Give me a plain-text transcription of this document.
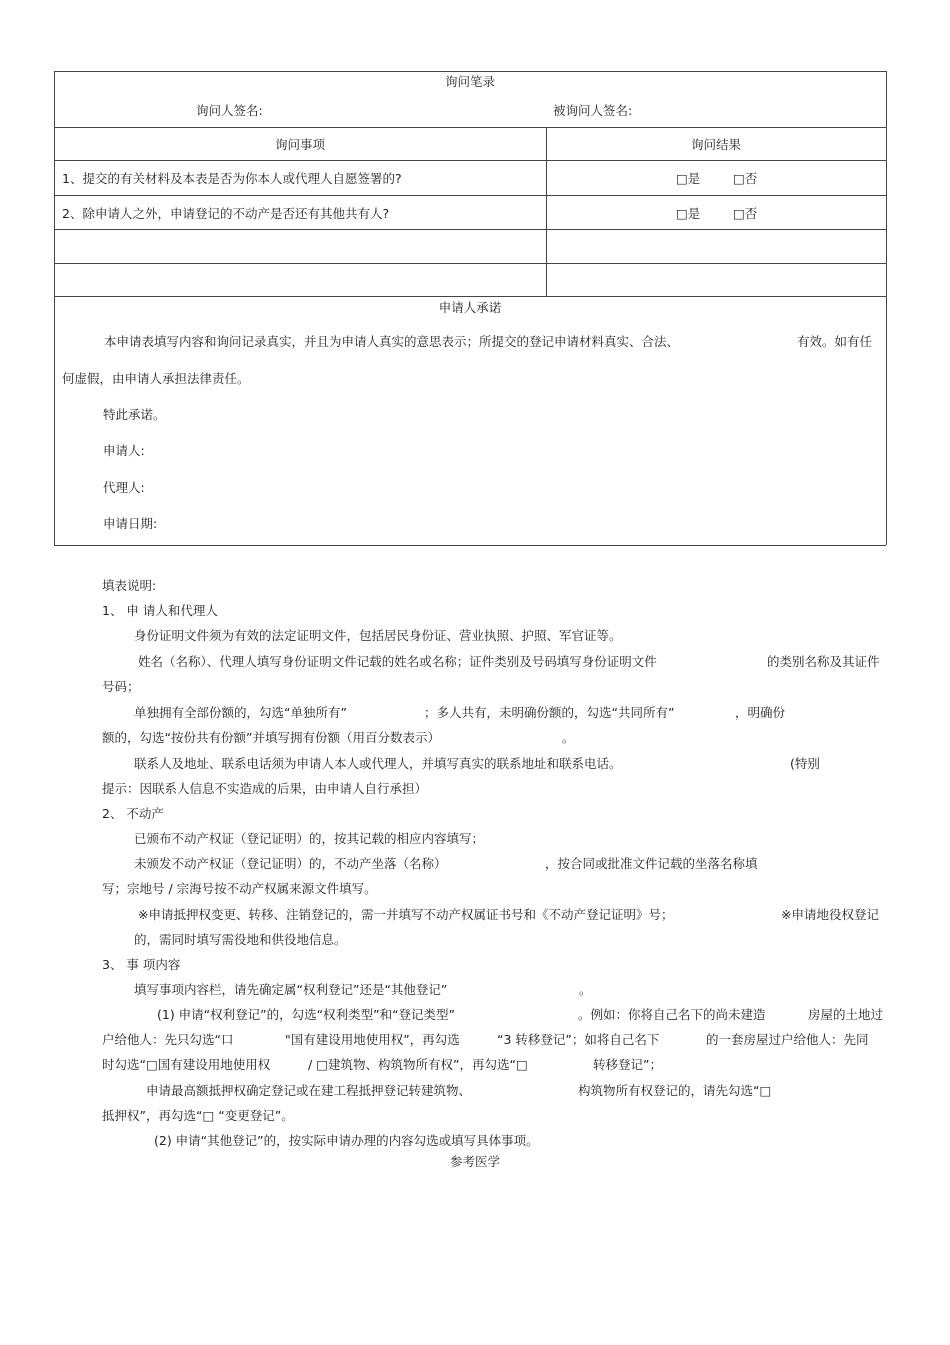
询问笔录
询问人签名:	被询问人签名:
询问事项	询问结果
1、提交的有关材料及本表是否为你本人或代理人自愿签署的?	□是	□否
2、除申请人之外，申请登记的不动产是否还有其他共有人?	□是	□否
申请人承诺
本申请表填写内容和询问记录真实，并且为申请人真实的意思表示；所提交的登记申请材料真实、合法、	有效。如有任
何虚假，由申请人承担法律责任。
特此承诺。
申请人:
代理人:
申请日期:
填表说明:
1、 申 请人和代理人
身份证明文件须为有效的法定证明文件，包括居民身份证、营业执照、护照、军官证等。
姓名（名称）、代理人填写身份证明文件记载的姓名或名称；证件类别及号码填写身份证明文件	的类别名称及其证件
号码；
单独拥有全部份额的，勾选“单独所有”	；多人共有，未明确份额的，勾选“共同所有”	，明确份
额的，勾选“按份共有份额”并填写拥有份额（用百分数表示）	。
联系人及地址、联系电话须为申请人本人或代理人，并填写真实的联系地址和联系电话。	(特别
提示：因联系人信息不实造成的后果，由申请人自行承担）
2、 不动产
已颁布不动产权证（登记证明）的，按其记载的相应内容填写；
未颁发不动产权证（登记证明）的，不动产坐落（名称）	，按合同或批准文件记载的坐落名称填
写；宗地号 / 宗海号按不动产权属来源文件填写。
※申请抵押权变更、转移、注销登记的，需一并填写不动产权属证书号和《不动产登记证明》号；	※申请地役权登记
的，需同时填写需役地和供役地信息。
3、 事 项内容
填写事项内容栏，请先确定属“权利登记”还是“其他登记”	。
(1) 申请“权利登记”的，勾选“权利类型”和“登记类型”	。例如：你将自己名下的尚未建造	房屋的土地过
户给他人：先只勾选“口	"国有建设用地使用权”，再勾选	“3 转移登记”；如将自己名下	的一套房屋过户给他人：先同
时勾选“□国有建设用地使用权	/ □建筑物、构筑物所有权”，再勾选“□	转移登记”；
申请最高额抵押权确定登记或在建工程抵押登记转建筑物、	构筑物所有权登记的，请先勾选“□
抵押权”，再勾选“□ “变更登记”。
(2) 申请“其他登记”的，按实际申请办理的内容勾选或填写具体事项。
参考医学
